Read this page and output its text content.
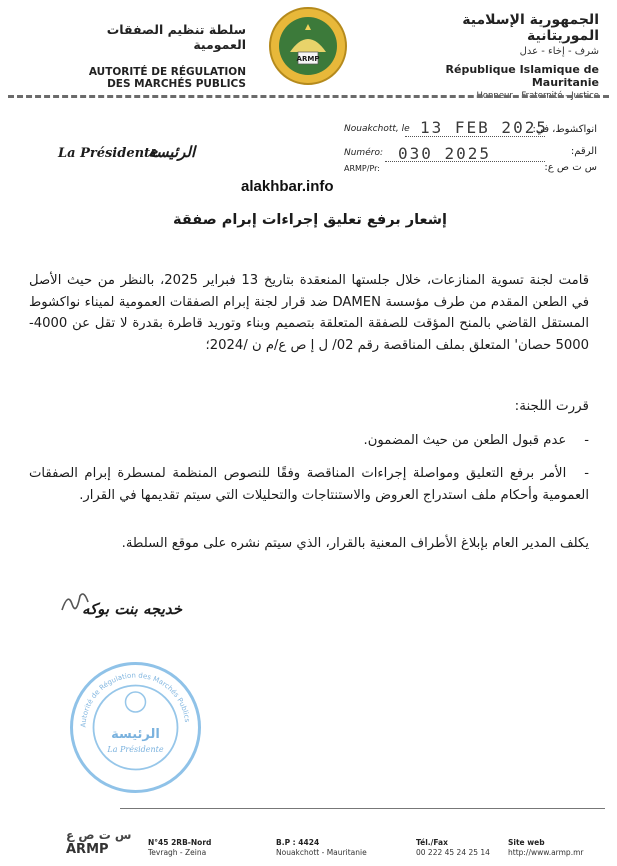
الجمهورية الإسلامية الموريتانية
شرف - إخاء - عدل
République Islamique de Mauritanie
Honneur - Fraternité - Justice
ARMP
سلطة تنظيم الصفقات العمومية
AUTORITÉ DE RÉGULATION
DES MARCHÉS PUBLICS
Nouakchott, le 13 FEB 2025
انواكشوط، في:
Numéro: 030 2025	الرقم:
ARMP/Pr:	س ت ص ع:
La Présidente
الرئيسة
alakhbar.info
إشعار برفع تعليق إجراءات إبرام صفقة
قامت لجنة تسوية المنازعات، خلال جلستها المنعقدة بتاريخ 13 فبراير 2025، بالنظر من حيث الأصل في الطعن المقدم من طرف مؤسسة DAMEN ضد قرار لجنة إبرام الصفقات العمومية لميناء نواكشوط المستقل القاضي بالمنح المؤقت للصفقة المتعلقة بتصميم وبناء وتوريد قاطرة بقدرة لا تقل عن 4000-5000 حصان' المتعلق بملف المناقصة رقم 02/ ل إ ص ع/م ن /2024؛
قررت اللجنة:
-عدم قبول الطعن من حيث المضمون.
-الأمر برفع التعليق ومواصلة إجراءات المناقصة وفقًا للنصوص المنظمة لمسطرة إبرام الصفقات العمومية وأحكام ملف استدراج العروض والاستنتاجات والتحليلات التي سيتم تقديمها في القرار.
يكلف المدير العام بإبلاغ الأطراف المعنية بالقرار، الذي سيتم نشره على موقع السلطة.
خديجه بنت بوكه
Autorité de Régulation des Marchés Publics
الرئيسة
La Présidente
س ت ص ع
ARMP	N°45 2RB-Nord
Tevragh - Zeina
B.P : 4424
Nouakchott - Mauritanie
Tél./Fax
00 222 45 24 25 14
Site web
http://www.armp.mr
